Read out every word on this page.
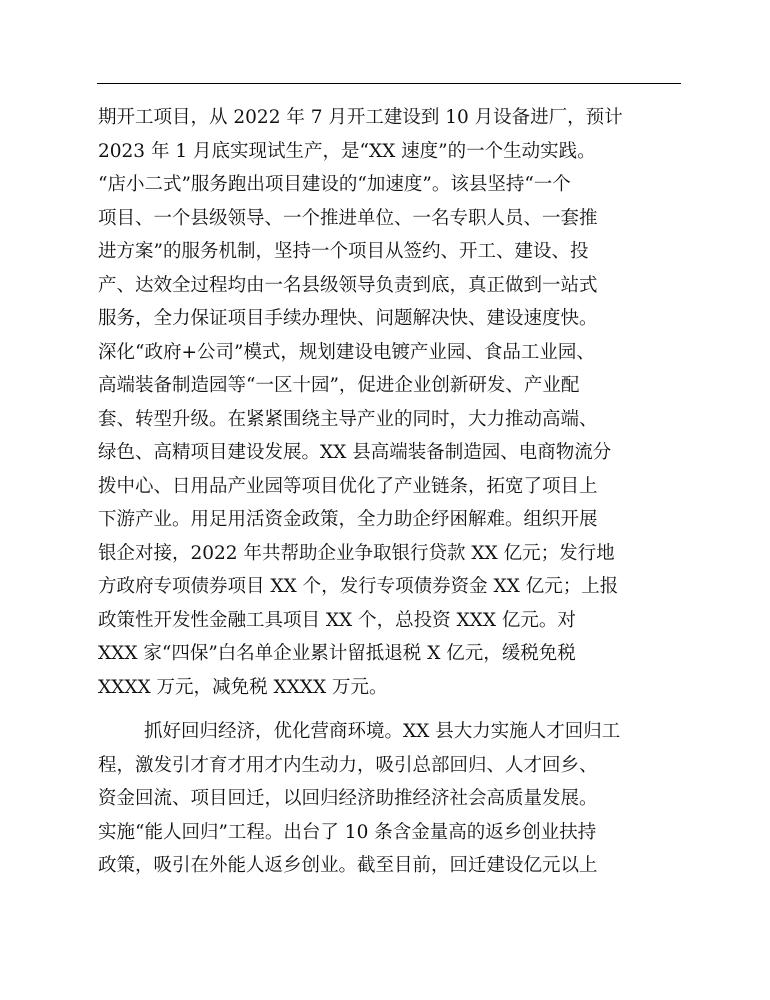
期开工项目，从 2022 年 7 月开工建设到 10 月设备进厂，预计
2023 年 1 月底实现试生产，是“XX 速度”的一个生动实践。
“店小二式”服务跑出项目建设的“加速度”。该县坚持“一个
项目、一个县级领导、一个推进单位、一名专职人员、一套推
进方案”的服务机制，坚持一个项目从签约、开工、建设、投
产、达效全过程均由一名县级领导负责到底，真正做到一站式
服务，全力保证项目手续办理快、问题解决快、建设速度快。
深化“政府+公司”模式，规划建设电镀产业园、食品工业园、
高端装备制造园等“一区十园”，促进企业创新研发、产业配
套、转型升级。在紧紧围绕主导产业的同时，大力推动高端、
绿色、高精项目建设发展。XX 县高端装备制造园、电商物流分
拨中心、日用品产业园等项目优化了产业链条，拓宽了项目上
下游产业。用足用活资金政策，全力助企纾困解难。组织开展
银企对接，2022 年共帮助企业争取银行贷款 XX 亿元；发行地
方政府专项债券项目 XX 个，发行专项债券资金 XX 亿元；上报
政策性开发性金融工具项目 XX 个，总投资 XXX 亿元。对
XXX 家“四保”白名单企业累计留抵退税 X 亿元，缓税免税
XXXX 万元，减免税 XXXX 万元。
抓好回归经济，优化营商环境。XX 县大力实施人才回归工
程，激发引才育才用才内生动力，吸引总部回归、人才回乡、
资金回流、项目回迁，以回归经济助推经济社会高质量发展。
实施“能人回归”工程。出台了 10 条含金量高的返乡创业扶持
政策，吸引在外能人返乡创业。截至目前，回迁建设亿元以上
